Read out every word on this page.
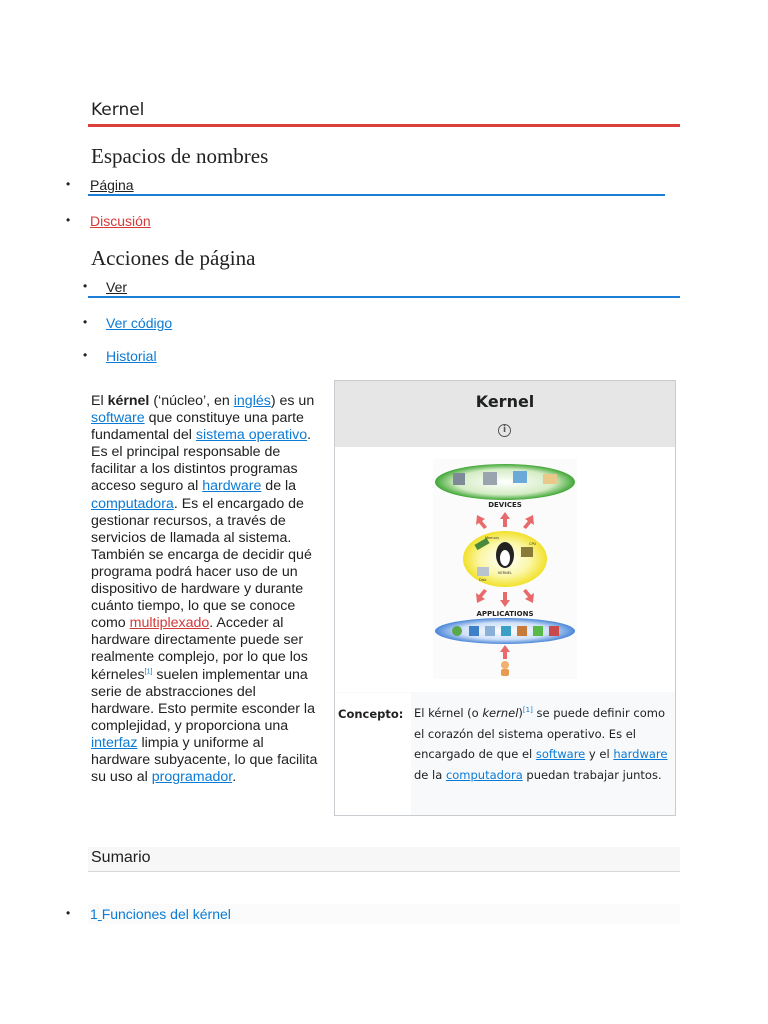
Kernel
Espacios de nombres
• Página
• Discusión
Acciones de página
• Ver
• Ver código
• Historial

El kérnel (‘núcleo’, en inglés) es un software que constituye una parte fundamental del sistema operativo. Es el principal responsable de facilitar a los distintos programas acceso seguro al hardware de la computadora. Es el encargado de gestionar recursos, a través de servicios de llamada al sistema. También se encarga de decidir qué programa podrá hacer uso de un dispositivo de hardware y durante cuánto tiempo, lo que se conoce como multiplexado. Acceder al hardware directamente puede ser realmente complejo, por lo que los kérneles[1] suelen implementar una serie de abstracciones del hardware. Esto permite esconder la complejidad, y proporciona una interfaz limpia y uniforme al hardware subyacente, lo que facilita su uso al programador.

Kernel
i
DEVICES
Memory
CPU
KERNEL
Disk
APPLICATIONS
Concepto: El kérnel (o kernel)[1] se puede definir como el corazón del sistema operativo. Es el encargado de que el software y el hardware de la computadora puedan trabajar juntos.

Sumario
• 1 Funciones del kérnel
